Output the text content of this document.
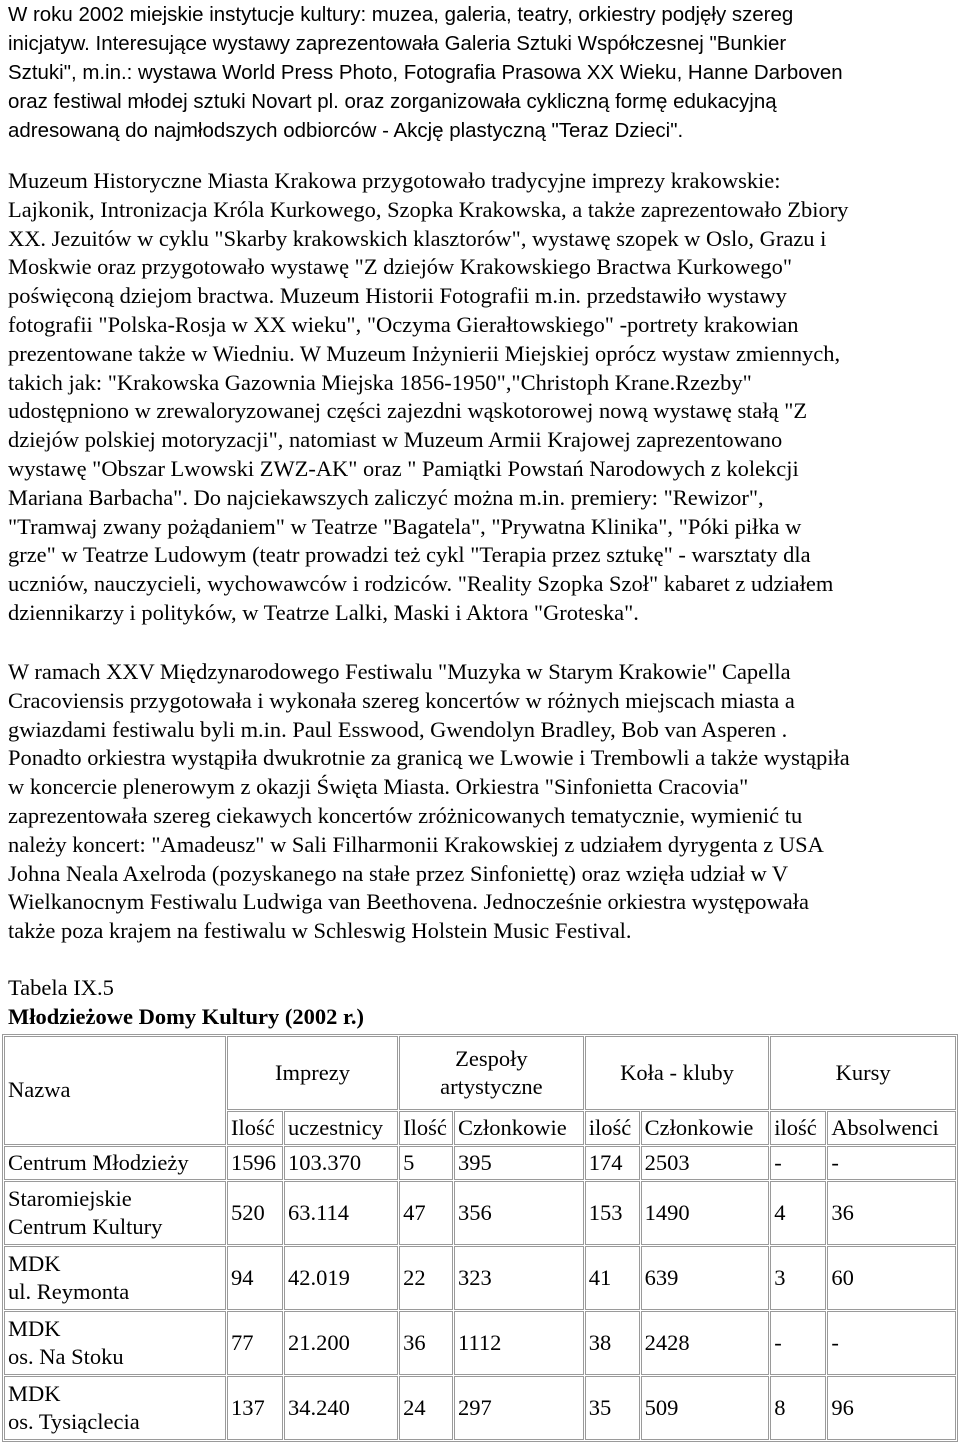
W roku 2002 miejskie instytucje kultury: muzea, galeria, teatry, orkiestry podjęły szereg
inicjatyw. Interesujące wystawy zaprezentowała Galeria Sztuki Współczesnej "Bunkier
Sztuki", m.in.: wystawa World Press Photo, Fotografia Prasowa XX Wieku, Hanne Darboven
oraz festiwal młodej sztuki Novart pl. oraz zorganizowała cykliczną formę edukacyjną
adresowaną do najmłodszych odbiorców - Akcję plastyczną "Teraz Dzieci".
Muzeum Historyczne Miasta Krakowa przygotowało tradycyjne imprezy krakowskie:
Lajkonik, Intronizacja Króla Kurkowego, Szopka Krakowska, a także zaprezentowało Zbiory
XX. Jezuitów w cyklu "Skarby krakowskich klasztorów", wystawę szopek w Oslo, Grazu i
Moskwie oraz przygotowało wystawę "Z dziejów Krakowskiego Bractwa Kurkowego"
poświęconą dziejom bractwa. Muzeum Historii Fotografii m.in. przedstawiło wystawy
fotografii "Polska-Rosja w XX wieku", "Oczyma Gierałtowskiego" -portrety krakowian
prezentowane także w Wiedniu. W Muzeum Inżynierii Miejskiej oprócz wystaw zmiennych,
takich jak: "Krakowska Gazownia Miejska 1856-1950","Christoph Krane.Rzezby"
udostępniono w zrewaloryzowanej części zajezdni wąskotorowej nową wystawę stałą "Z
dziejów polskiej motoryzacji", natomiast w Muzeum Armii Krajowej zaprezentowano
wystawę "Obszar Lwowski ZWZ-AK" oraz " Pamiątki Powstań Narodowych z kolekcji
Mariana Barbacha". Do najciekawszych zaliczyć można m.in. premiery: "Rewizor",
"Tramwaj zwany pożądaniem" w Teatrze "Bagatela", "Prywatna Klinika", "Póki piłka w
grze" w Teatrze Ludowym (teatr prowadzi też cykl "Terapia przez sztukę" - warsztaty dla
uczniów, nauczycieli, wychowawców i rodziców. "Reality Szopka Szoł" kabaret z udziałem
dziennikarzy i polityków, w Teatrze Lalki, Maski i Aktora "Groteska".
W ramach XXV Międzynarodowego Festiwalu "Muzyka w Starym Krakowie" Capella
Cracoviensis przygotowała i wykonała szereg koncertów w różnych miejscach miasta a
gwiazdami festiwalu byli m.in. Paul Esswood, Gwendolyn Bradley, Bob van Asperen .
Ponadto orkiestra wystąpiła dwukrotnie za granicą we Lwowie i Trembowli a także wystąpiła
w koncercie plenerowym z okazji Święta Miasta. Orkiestra "Sinfonietta Cracovia"
zaprezentowała szereg ciekawych koncertów zróżnicowanych tematycznie, wymienić tu
należy koncert: "Amadeusz" w Sali Filharmonii Krakowskiej z udziałem dyrygenta z USA
Johna Neala Axelroda (pozyskanego na stałe przez Sinfoniettę) oraz wzięła udział w V
Wielkanocnym Festiwalu Ludwiga van Beethovena. Jednocześnie orkiestra występowała
także poza krajem na festiwalu w Schleswig Holstein Music Festival.
Tabela IX.5
Młodzieżowe Domy Kultury (2002 r.)
Nazwa	Imprezy		Zespoły artystyczne		Koła - kluby		Kursy	
	Ilość	uczestnicy	Ilość	Członkowie	ilość	Członkowie	ilość	Absolwenci

Centrum Młodzieży	1596	103.370	5	395	174	2503	-	-

Staromiejskie
Centrum Kultury	520	63.114	47	356	153	1490	4	36

MDK
ul. Reymonta	94	42.019	22	323	41	639	3	60

MDK
os. Na Stoku	77	21.200	36	1112	38	2428	-	-

MDK
os. Tysiąclecia	137	34.240	24	297	35	509	8	96
